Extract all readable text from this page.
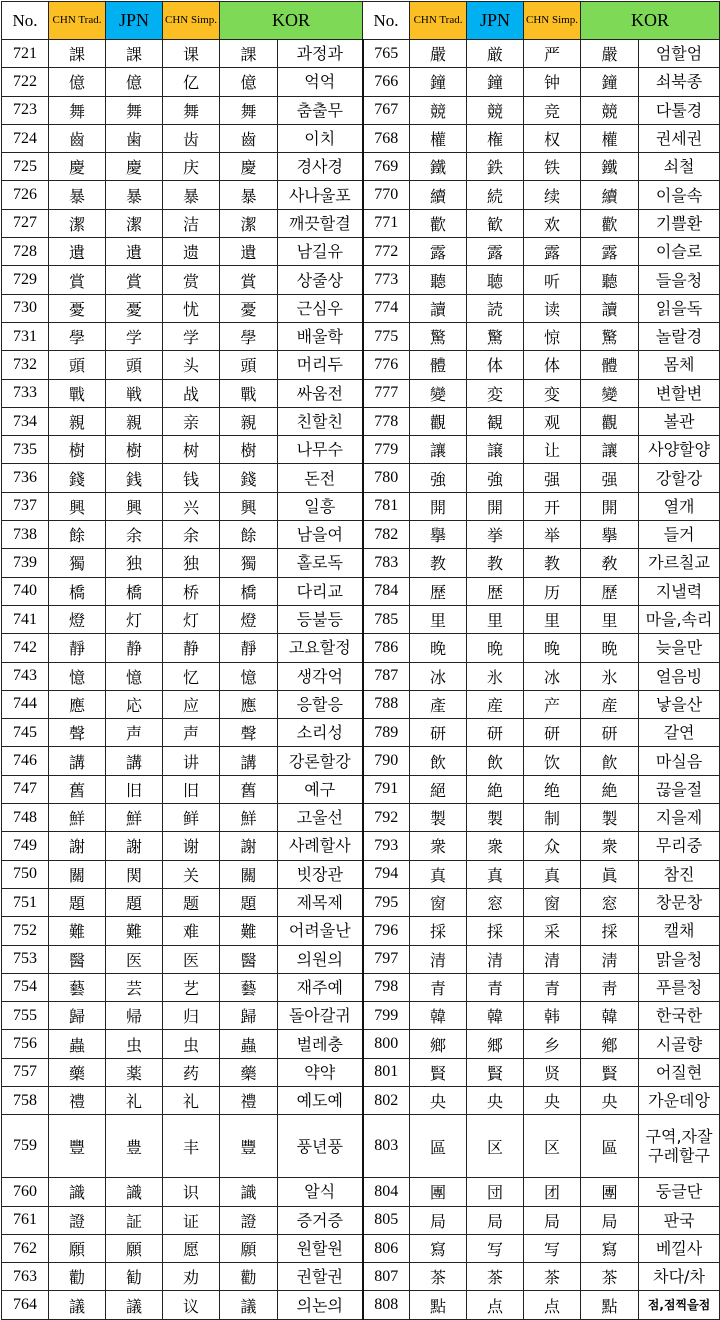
No.	CHN Trad.	JPN	CHN Simp.	KOR		No.	CHN Trad.	JPN	CHN Simp.	KOR	
721	課	課	课	課	과정과	765	嚴	厳	严	嚴	엄할엄
722	億	億	亿	億	억억	766	鐘	鐘	钟	鐘	쇠북종
723	舞	舞	舞	舞	춤출무	767	競	競	竞	競	다툴경
724	齒	歯	齿	齒	이치	768	權	権	权	權	권세권
725	慶	慶	庆	慶	경사경	769	鐵	鉄	铁	鐵	쇠철
726	暴	暴	暴	暴	사나울포	770	續	続	续	續	이을속
727	潔	潔	洁	潔	깨끗할결	771	歡	歓	欢	歡	기쁠환
728	遺	遺	遗	遺	남길유	772	露	露	露	露	이슬로
729	賞	賞	赏	賞	상줄상	773	聽	聴	听	聽	들을청
730	憂	憂	忧	憂	근심우	774	讀	読	读	讀	읽을독
731	學	学	学	學	배울학	775	驚	驚	惊	驚	놀랄경
732	頭	頭	头	頭	머리두	776	體	体	体	體	몸체
733	戰	戦	战	戰	싸움전	777	變	変	变	變	변할변
734	親	親	亲	親	친할친	778	觀	観	观	觀	볼관
735	樹	樹	树	樹	나무수	779	讓	譲	让	讓	사양할양
736	錢	銭	钱	錢	돈전	780	強	強	强	强	강할강
737	興	興	兴	興	일흥	781	開	開	开	開	열개
738	餘	余	余	餘	남을여	782	擧	挙	举	擧	들거
739	獨	独	独	獨	홀로독	783	教	教	教	敎	가르칠교
740	橋	橋	桥	橋	다리교	784	歷	歴	历	歷	지낼력
741	燈	灯	灯	燈	등불등	785	里	里	里	里	마을,속리
742	靜	静	静	靜	고요할정	786	晚	晩	晚	晩	늦을만
743	憶	憶	忆	憶	생각억	787	冰	氷	冰	氷	얼음빙
744	應	応	应	應	응할응	788	產	産	产	産	낳을산
745	聲	声	声	聲	소리성	789	研	研	研	研	갈연
746	講	講	讲	講	강론할강	790	飲	飲	饮	飮	마실음
747	舊	旧	旧	舊	예구	791	絕	絶	绝	絶	끊을절
748	鮮	鮮	鲜	鮮	고울선	792	製	製	制	製	지을제
749	謝	謝	谢	謝	사례할사	793	衆	衆	众	衆	무리중
750	關	関	关	關	빗장관	794	真	真	真	眞	참진
751	題	題	题	題	제목제	795	窗	窓	窗	窓	창문창
752	難	難	难	難	어려울난	796	採	採	采	採	캘채
753	醫	医	医	醫	의원의	797	清	清	清	淸	맑을청
754	藝	芸	艺	藝	재주예	798	青	青	青	靑	푸를청
755	歸	帰	归	歸	돌아갈귀	799	韓	韓	韩	韓	한국한
756	蟲	虫	虫	蟲	벌레충	800	鄉	郷	乡	鄕	시골향
757	藥	薬	药	藥	약약	801	賢	賢	贤	賢	어질현
758	禮	礼	礼	禮	예도예	802	央	央	央	央	가운데앙
759	豐	豊	丰	豐	풍년풍	803	區	区	区	區	구역,자잘구레할구
760	識	識	识	識	알식	804	團	団	团	團	둥글단
761	證	証	证	證	증거증	805	局	局	局	局	판국
762	願	願	愿	願	원할원	806	寫	写	写	寫	베낄사
763	勸	勧	劝	勸	권할권	807	茶	茶	茶	茶	차다/차
764	議	議	议	議	의논의	808	點	点	点	點	점,점찍을점
